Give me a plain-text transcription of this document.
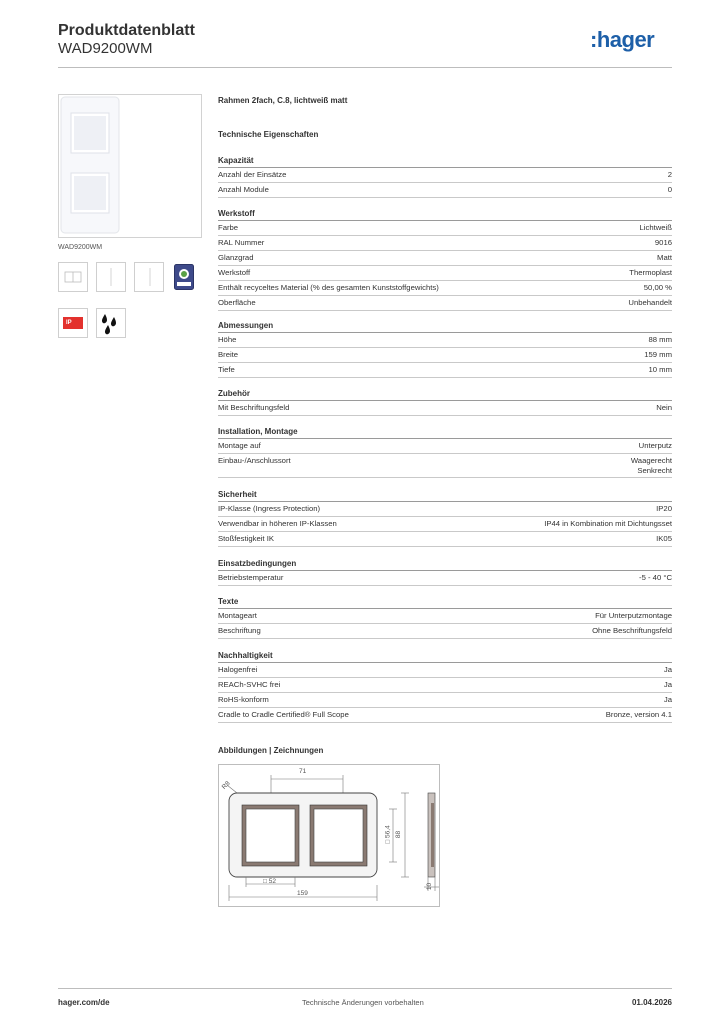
Produktdatenblatt
WAD9200WM	:hager
WAD9200WM
IP
Rahmen 2fach, C.8, lichtweiß matt
Technische Eigenschaften
Kapazität
Anzahl der Einsätze	2
Anzahl Module	0
Werkstoff
Farbe	Lichtweiß
RAL Nummer	9016
Glanzgrad	Matt
Werkstoff	Thermoplast
Enthält recyceltes Material (% des gesamten Kunststoffgewichts)	50,00 %
Oberfläche	Unbehandelt
Abmessungen
Höhe	88 mm
Breite	159 mm
Tiefe	10 mm
Zubehör
Mit Beschriftungsfeld	Nein
Installation, Montage
Montage auf	Unterputz
Einbau-/Anschlussort	Waagerecht
Senkrecht
Sicherheit
IP-Klasse (Ingress Protection)	IP20
Verwendbar in höheren IP-Klassen	IP44 in Kombination mit Dichtungsset
Stoßfestigkeit IK	IK05
Einsatzbedingungen
Betriebstemperatur	-5 - 40 °C
Texte
Montageart	Für Unterputzmontage
Beschriftung	Ohne Beschriftungsfeld
Nachhaltigkeit
Halogenfrei	Ja
REACh-SVHC frei	Ja
RoHS-konform	Ja
Cradle to Cradle Certified® Full Scope	Bronze, version 4.1
Abbildungen | Zeichnungen
71
R8
□ 56,4 88
□ 52
159
10
hager.com/de	Technische Änderungen vorbehalten	01.04.2026
